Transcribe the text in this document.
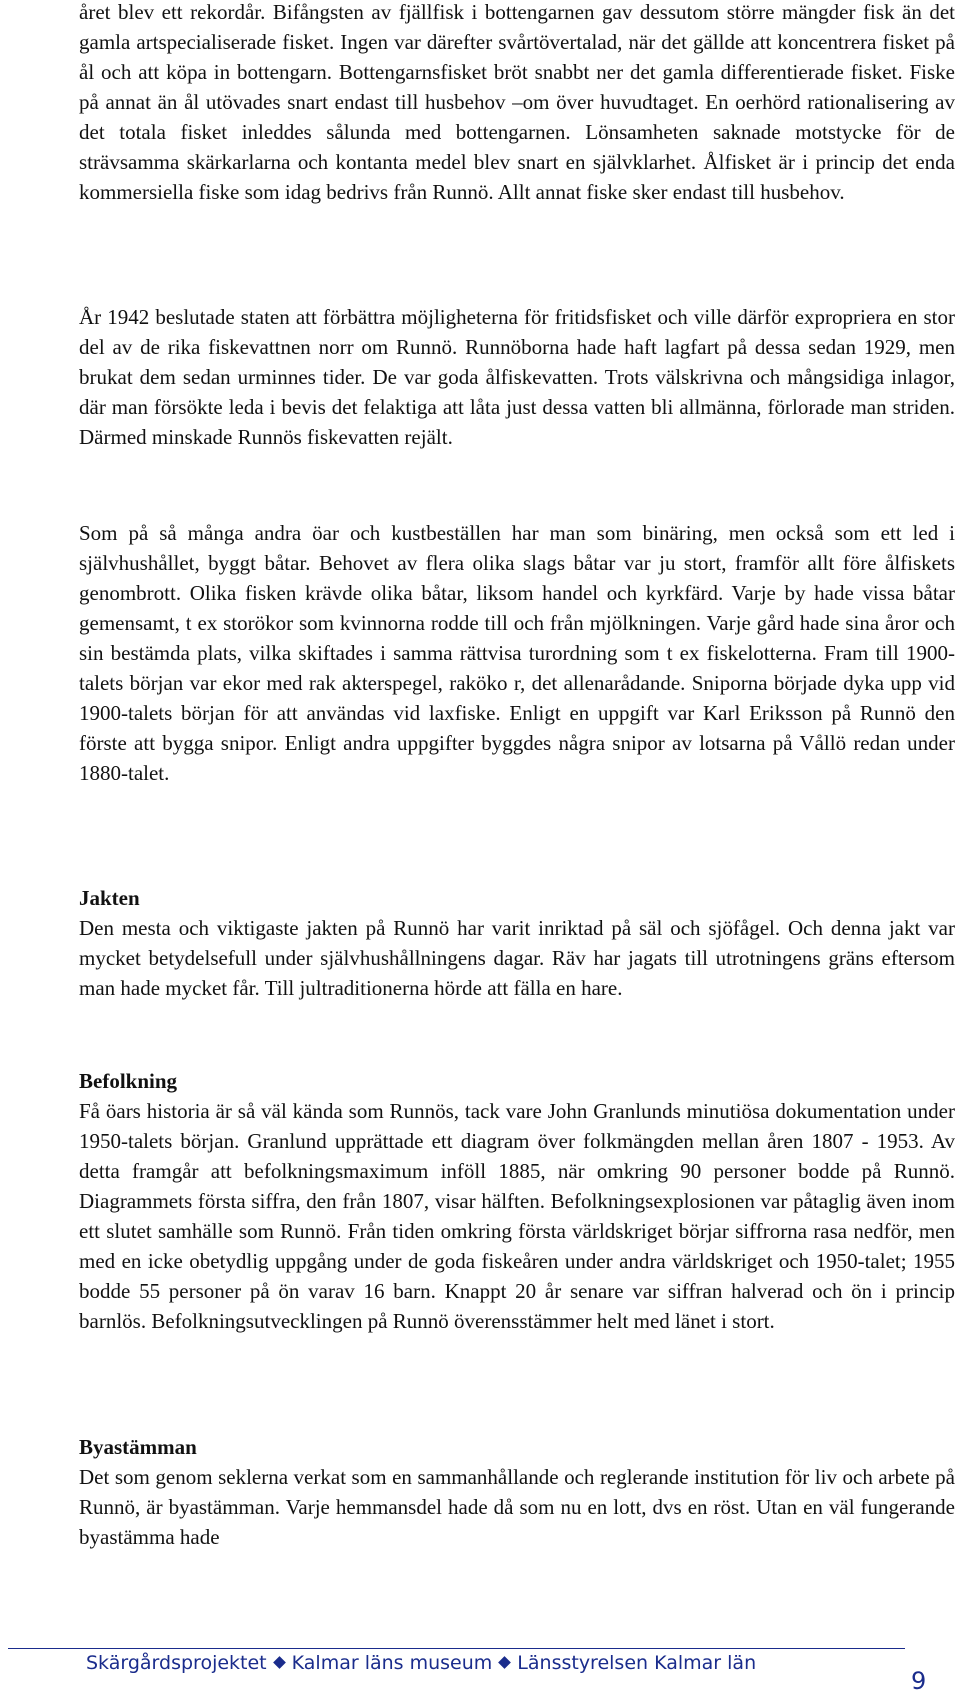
året blev ett rekordår. Bifångsten av fjällfisk i bottengarnen gav dessutom större mängder fisk än det gamla artspecialiserade fisket. Ingen var därefter svårtövertalad, när det gällde att koncentrera fisket på ål och att köpa in bottengarn. Bottengarnsfisket bröt snabbt ner det gamla differentierade fisket. Fiske på annat än ål utövades snart endast till husbehov –om över huvudtaget. En oerhörd rationalisering av det totala fisket inleddes sålunda med bottengarnen. Lönsamheten saknade motstycke för de strävsamma skärkarlarna och kontanta medel blev snart en självklarhet. Ålfisket är i princip det enda kommersiella fiske som idag bedrivs från Runnö. Allt annat fiske sker endast till husbehov.

År 1942 beslutade staten att förbättra möjligheterna för fritidsfisket och ville därför expropriera en stor del av de rika fiskevattnen norr om Runnö. Runnöborna hade haft lagfart på dessa sedan 1929, men brukat dem sedan urminnes tider. De var goda ålfiskevatten. Trots välskrivna och mångsidiga inlagor, där man försökte leda i bevis det felaktiga att låta just dessa vatten bli allmänna, förlorade man striden. Därmed minskade Runnös fiskevatten rejält.

Som på så många andra öar och kustbeställen har man som binäring, men också som ett led i självhushållet, byggt båtar. Behovet av flera olika slags båtar var ju stort, framför allt före ålfiskets genombrott. Olika fisken krävde olika båtar, liksom handel och kyrkfärd. Varje by hade vissa båtar gemensamt, t ex storökor som kvinnorna rodde till och från mjölkningen. Varje gård hade sina åror och sin bestämda plats, vilka skiftades i samma rättvisa turordning som t ex fiskelotterna. Fram till 1900-talets början var ekor med rak akterspegel, raköko r, det allenarådande. Sniporna började dyka upp vid 1900-talets början för att användas vid laxfiske. Enligt en uppgift var Karl Eriksson på Runnö den förste att bygga snipor. Enligt andra uppgifter byggdes några snipor av lotsarna på Vållö redan under 1880-talet.

Jakten

Den mesta och viktigaste jakten på Runnö har varit inriktad på säl och sjöfågel. Och denna jakt var mycket betydelsefull under självhushållningens dagar. Räv har jagats till utrotningens gräns eftersom man hade mycket får. Till jultraditionerna hörde att fälla en hare.

Befolkning

Få öars historia är så väl kända som Runnös, tack vare John Granlunds minutiösa dokumentation under 1950-talets början. Granlund upprättade ett diagram över folkmängden mellan åren 1807 - 1953. Av detta framgår att befolkningsmaximum inföll 1885, när omkring 90 personer bodde på Runnö. Diagrammets första siffra, den från 1807, visar hälften. Befolkningsexplosionen var påtaglig även inom ett slutet samhälle som Runnö. Från tiden omkring första världskriget börjar siffrorna rasa nedför, men med en icke obetydlig uppgång under de goda fiskeåren under andra världskriget och 1950-talet; 1955 bodde 55 personer på ön varav 16 barn. Knappt 20 år senare var siffran halverad och ön i princip barnlös. Befolkningsutvecklingen på Runnö överensstämmer helt med länet i stort.

Byastämman

Det som genom seklerna verkat som en sammanhållande och reglerande institution för liv och arbete på Runnö, är byastämman. Varje hemmansdel hade då som nu en lott, dvs en röst. Utan en väl fungerande byastämma hade

Skärgårdsprojektet Kalmar läns museum Länsstyrelsen Kalmar län
9
